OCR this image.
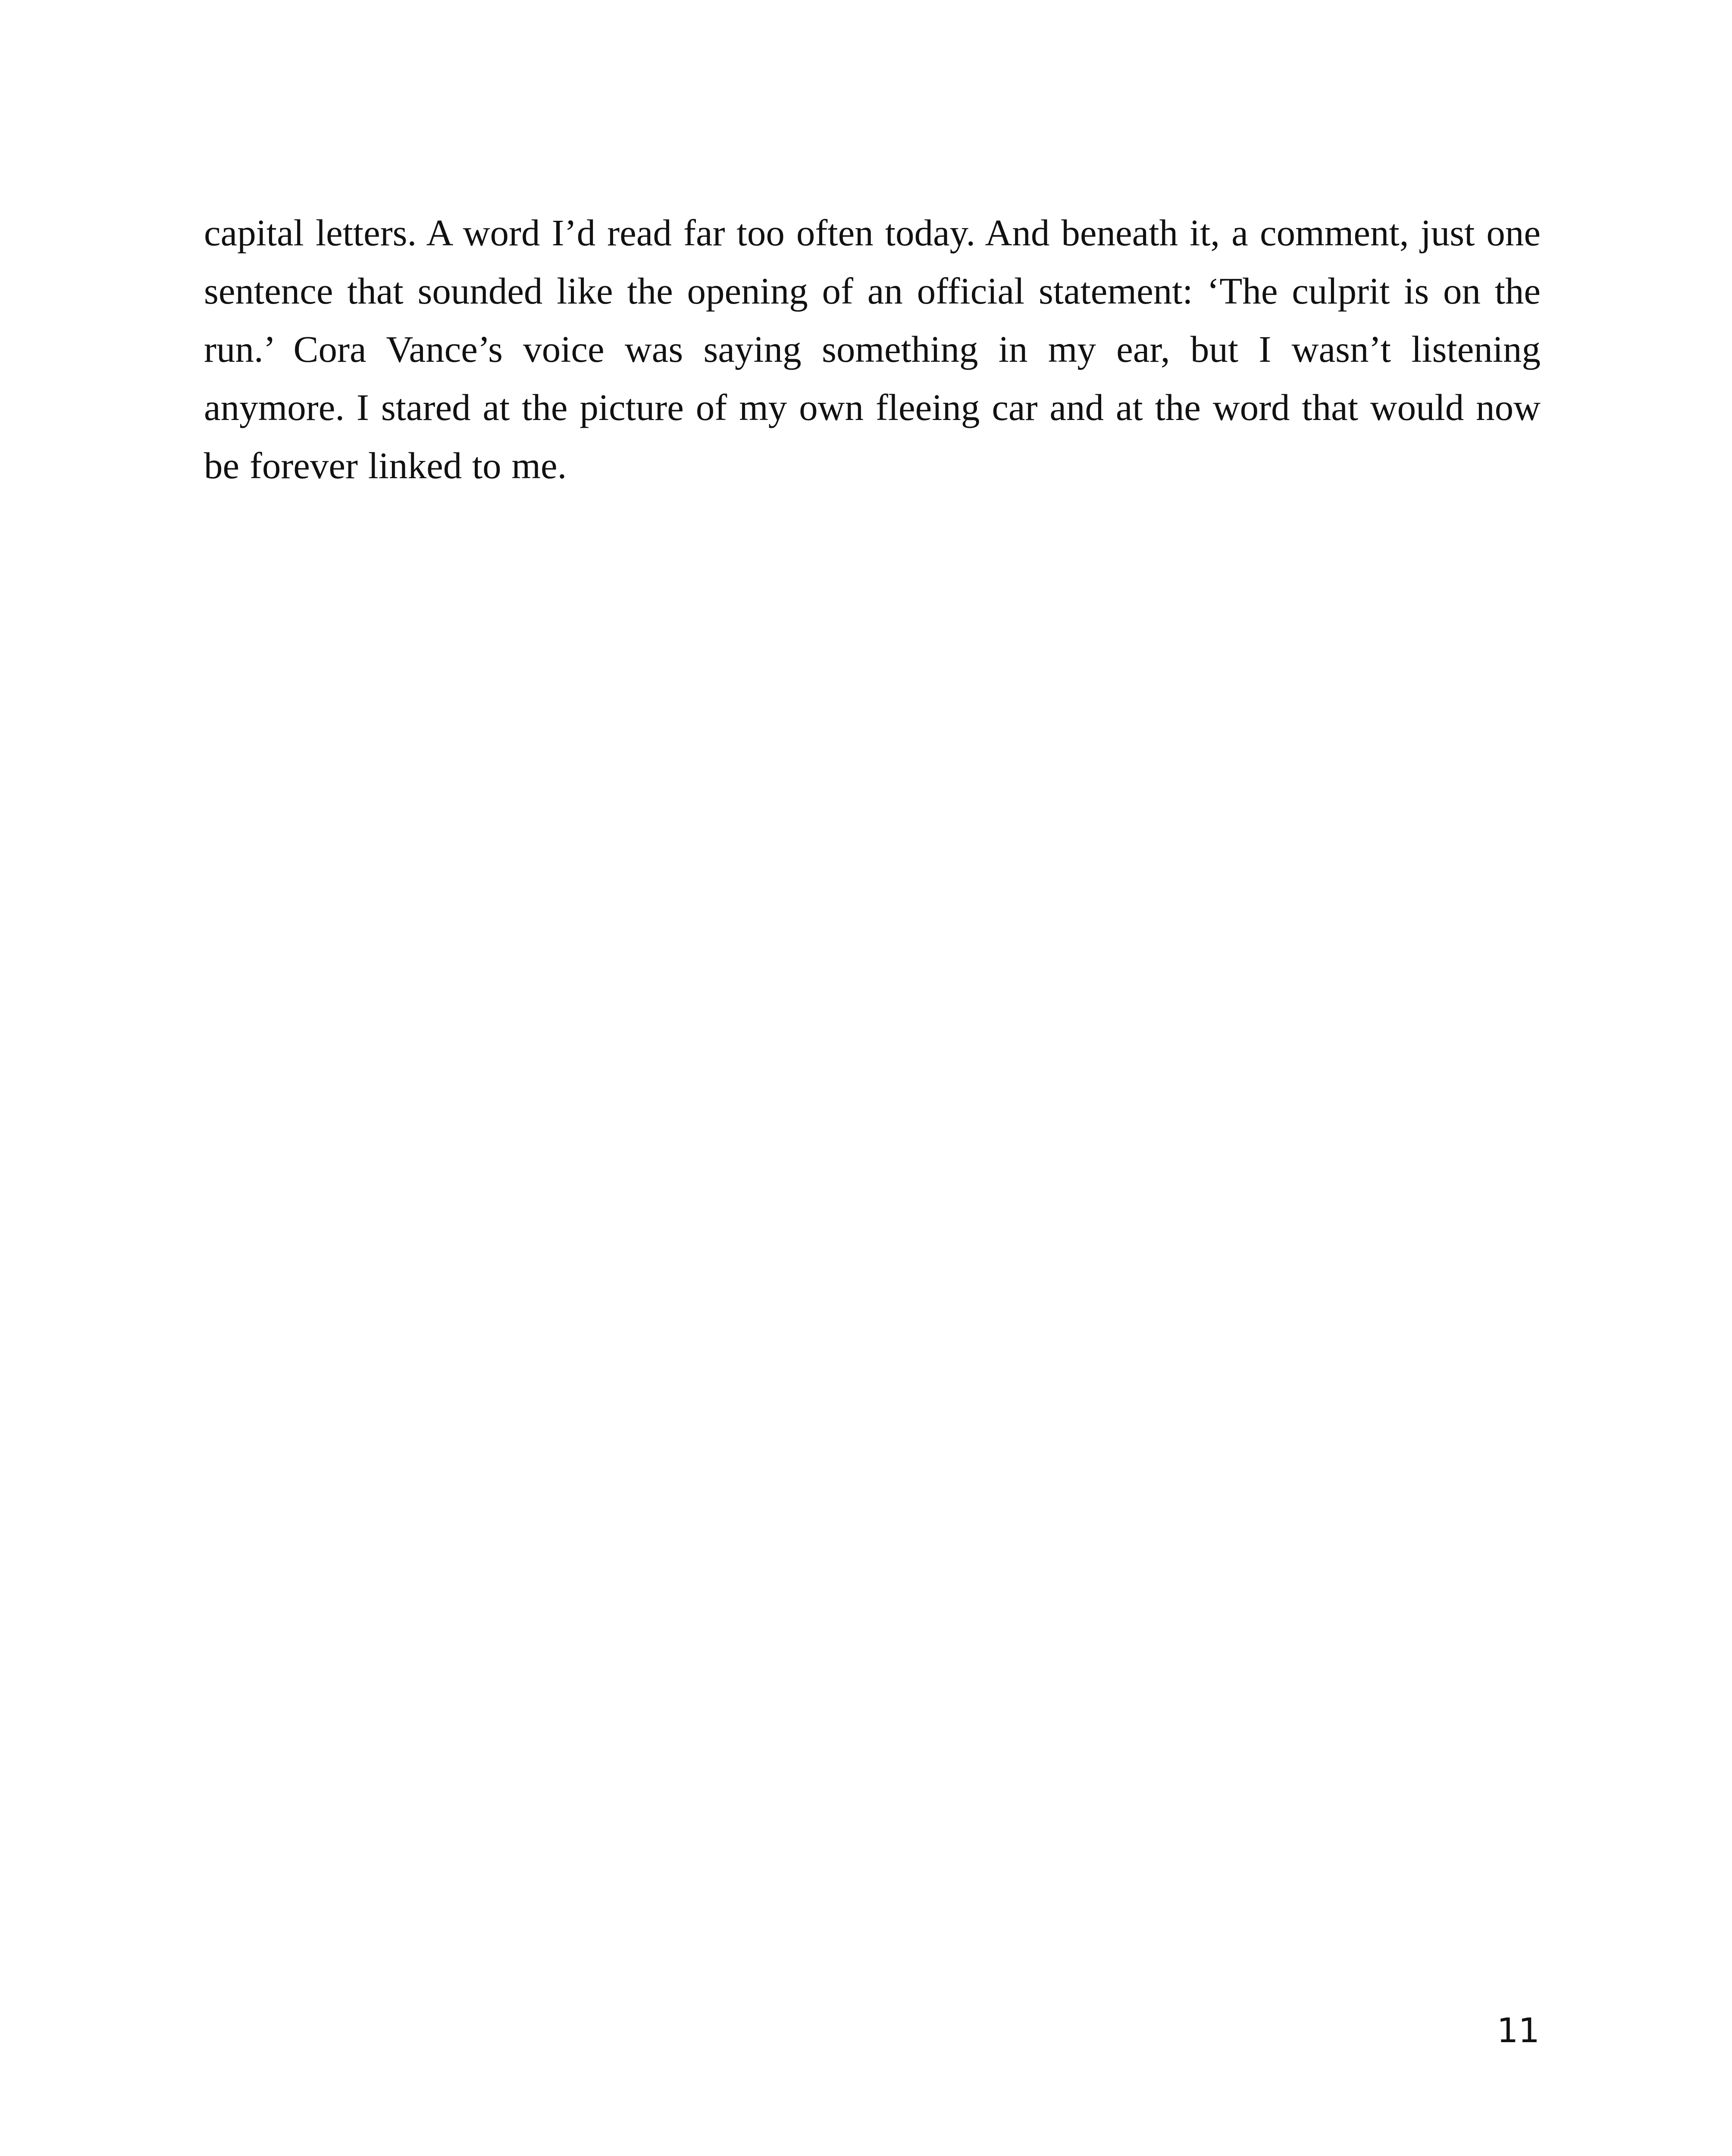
capital letters. A word I’d read far too often today. And beneath it, a comment, just one sentence that sounded like the opening of an official statement: ‘The culprit is on the run.’ Cora Vance’s voice was saying something in my ear, but I wasn’t listening anymore. I stared at the picture of my own fleeing car and at the word that would now be forever linked to me.

11
